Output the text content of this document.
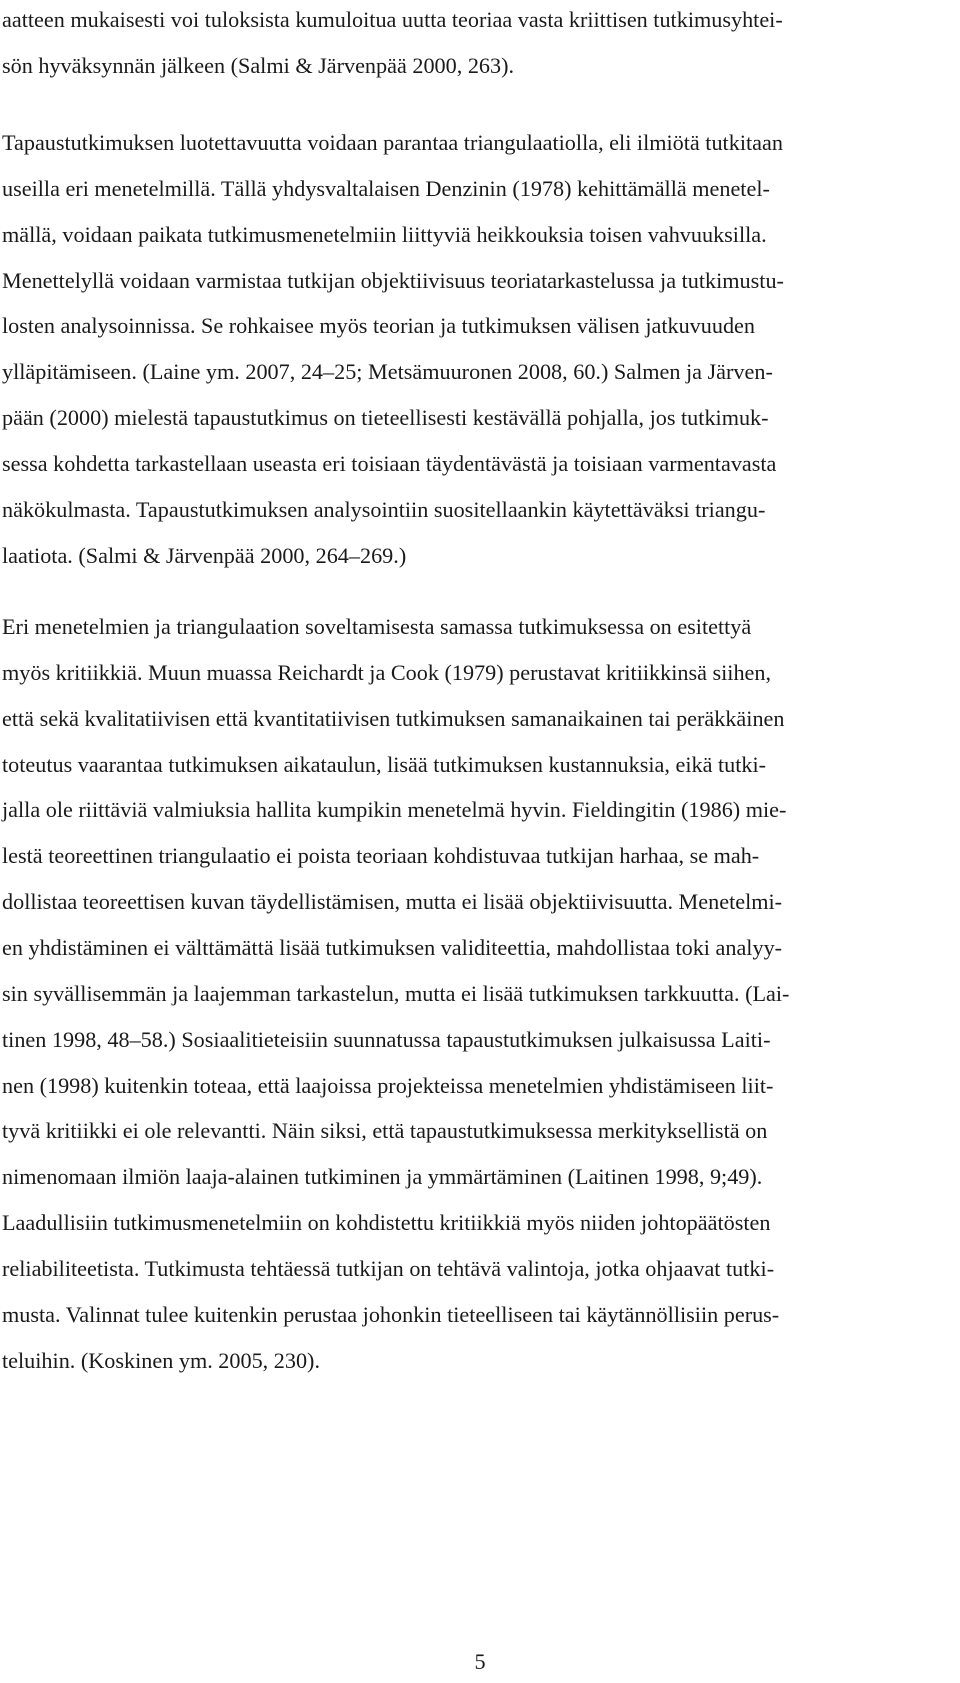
aatteen mukaisesti voi tuloksista kumuloitua uutta teoriaa vasta kriittisen tutkimusyhtei-

sön hyväksynnän jälkeen (Salmi & Järvenpää 2000, 263).

Tapaustutkimuksen luotettavuutta voidaan parantaa triangulaatiolla, eli ilmiötä tutkitaan

useilla eri menetelmillä. Tällä yhdysvaltalaisen Denzinin (1978) kehittämällä menetel-

mällä, voidaan paikata tutkimusmenetelmiin liittyviä heikkouksia toisen vahvuuksilla.

Menettelyllä voidaan varmistaa tutkijan objektiivisuus teoriatarkastelussa ja tutkimustu-

losten analysoinnissa. Se rohkaisee myös teorian ja tutkimuksen välisen jatkuvuuden

ylläpitämiseen. (Laine ym. 2007, 24–25; Metsämuuronen 2008, 60.) Salmen ja Järven-

pään (2000) mielestä tapaustutkimus on tieteellisesti kestävällä pohjalla, jos tutkimuk-

sessa kohdetta tarkastellaan useasta eri toisiaan täydentävästä ja toisiaan varmentavasta

näkökulmasta. Tapaustutkimuksen analysointiin suositellaankin käytettäväksi triangu-

laatiota. (Salmi & Järvenpää 2000, 264–269.)

Eri menetelmien ja triangulaation soveltamisesta samassa tutkimuksessa on esitettyä

myös kritiikkiä. Muun muassa Reichardt ja Cook (1979) perustavat kritiikkinsä siihen,

että sekä kvalitatiivisen että kvantitatiivisen tutkimuksen samanaikainen tai peräkkäinen

toteutus vaarantaa tutkimuksen aikataulun, lisää tutkimuksen kustannuksia, eikä tutki-

jalla ole riittäviä valmiuksia hallita kumpikin menetelmä hyvin. Fieldingitin (1986) mie-

lestä teoreettinen triangulaatio ei poista teoriaan kohdistuvaa tutkijan harhaa, se mah-

dollistaa teoreettisen kuvan täydellistämisen, mutta ei lisää objektiivisuutta. Menetelmi-

en yhdistäminen ei välttämättä lisää tutkimuksen validiteettia, mahdollistaa toki analyy-

sin syvällisemmän ja laajemman tarkastelun, mutta ei lisää tutkimuksen tarkkuutta. (Lai-

tinen 1998, 48–58.) Sosiaalitieteisiin suunnatussa tapaustutkimuksen julkaisussa Laiti-

nen (1998) kuitenkin toteaa, että laajoissa projekteissa menetelmien yhdistämiseen liit-

tyvä kritiikki ei ole relevantti. Näin siksi, että tapaustutkimuksessa merkityksellistä on

nimenomaan ilmiön laaja-alainen tutkiminen ja ymmärtäminen (Laitinen 1998, 9;49).

Laadullisiin tutkimusmenetelmiin on kohdistettu kritiikkiä myös niiden johtopäätösten

reliabiliteetista. Tutkimusta tehtäessä tutkijan on tehtävä valintoja, jotka ohjaavat tutki-

musta. Valinnat tulee kuitenkin perustaa johonkin tieteelliseen tai käytännöllisiin perus-

teluihin. (Koskinen ym. 2005, 230).

5
